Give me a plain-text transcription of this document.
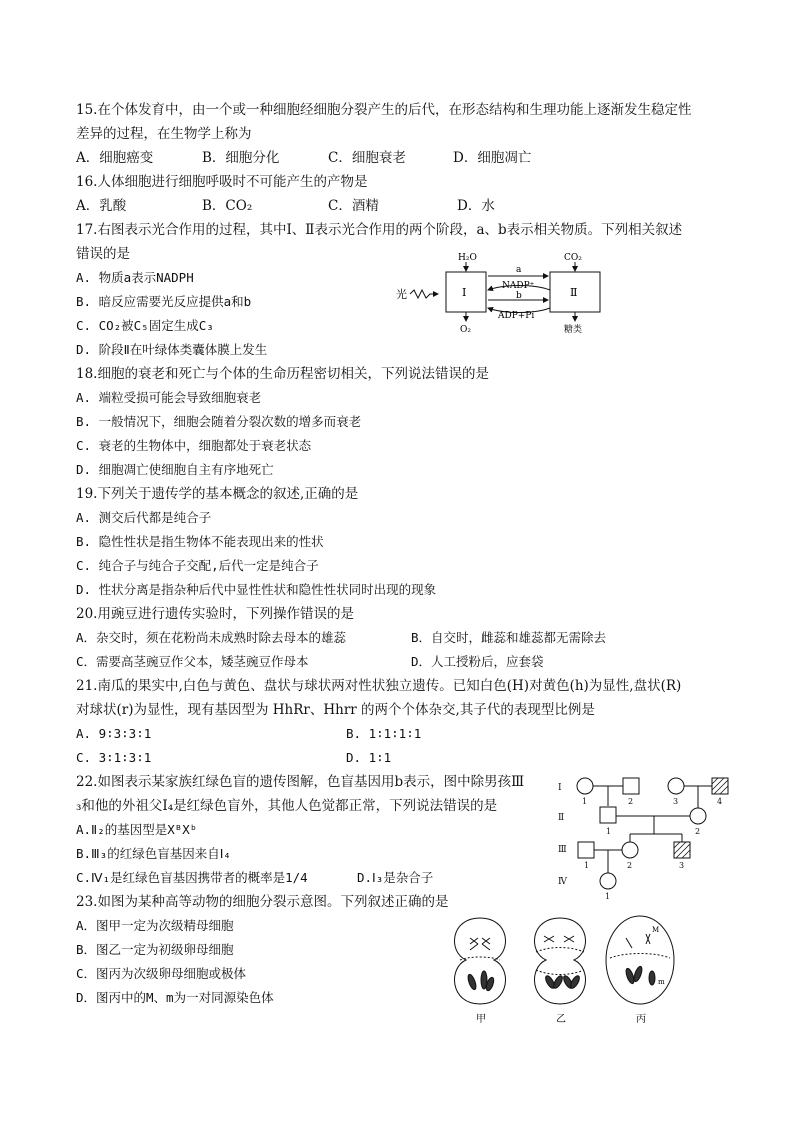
15.在个体发育中，由一个或一种细胞经细胞分裂产生的后代，在形态结构和生理功能上逐渐发生稳定性
差异的过程，在生物学上称为
A．细胞癌变	B．细胞分化	C．细胞衰老	D．细胞凋亡
16.人体细胞进行细胞呼吸时不可能产生的产物是
A．乳酸	B．CO₂	C．酒精	D．水
17.右图表示光合作用的过程，其中Ⅰ、Ⅱ表示光合作用的两个阶段，a、b表示相关物质。下列相关叙述
错误的是
A. 物质a表示NADPH
B. 暗反应需要光反应提供a和b
C. CO₂被C₅固定生成C₃
D. 阶段Ⅱ在叶绿体类囊体膜上发生
光	Ⅰ	Ⅱ
H₂O
O₂
CO₂
糖类
a
NADP⁺
b
ADP+Pi
18.细胞的衰老和死亡与个体的生命历程密切相关，下列说法错误的是
A. 端粒受损可能会导致细胞衰老
B. 一般情况下，细胞会随着分裂次数的增多而衰老
C. 衰老的生物体中，细胞都处于衰老状态
D. 细胞凋亡使细胞自主有序地死亡
19.下列关于遗传学的基本概念的叙述,正确的是
A. 测交后代都是纯合子
B. 隐性性状是指生物体不能表现出来的性状
C. 纯合子与纯合子交配,后代一定是纯合子
D. 性状分离是指杂种后代中显性性状和隐性性状同时出现的现象
20.用豌豆进行遗传实验时，下列操作错误的是
A．杂交时，须在花粉尚未成熟时除去母本的雄蕊	B．自交时，雌蕊和雄蕊都无需除去
C．需要高茎豌豆作父本，矮茎豌豆作母本	D．人工授粉后，应套袋
21.南瓜的果实中,白色与黄色、盘状与球状两对性状独立遗传。已知白色(H)对黄色(h)为显性,盘状(R)
对球状(r)为显性，现有基因型为 HhRr、Hhrr 的两个个体杂交,其子代的表现型比例是
A. 9∶3∶3∶1	B. 1∶1∶1∶1
C. 3∶1∶3∶1	D. 1∶1
22.如图表示某家族红绿色盲的遗传图解，色盲基因用b表示，图中除男孩Ⅲ
₃和他的外祖父Ⅰ₄是红绿色盲外，其他人色觉都正常，下列说法错误的是
A.Ⅱ₂的基因型是XᴮXᵇ
B.Ⅲ₃的红绿色盲基因来自Ⅰ₄
C.Ⅳ₁是红绿色盲基因携带者的概率是1/4	D.Ⅰ₃是杂合子
Ⅰ
Ⅱ
Ⅲ
Ⅳ
1	2	3	4
1	2
1	2	3
1
23.如图为某种高等动物的细胞分裂示意图。下列叙述正确的是
A．图甲一定为次级精母细胞
B．图乙一定为初级卵母细胞
C．图丙为次级卵母细胞或极体
D．图丙中的M、m为一对同源染色体
甲	乙
M
m
丙
